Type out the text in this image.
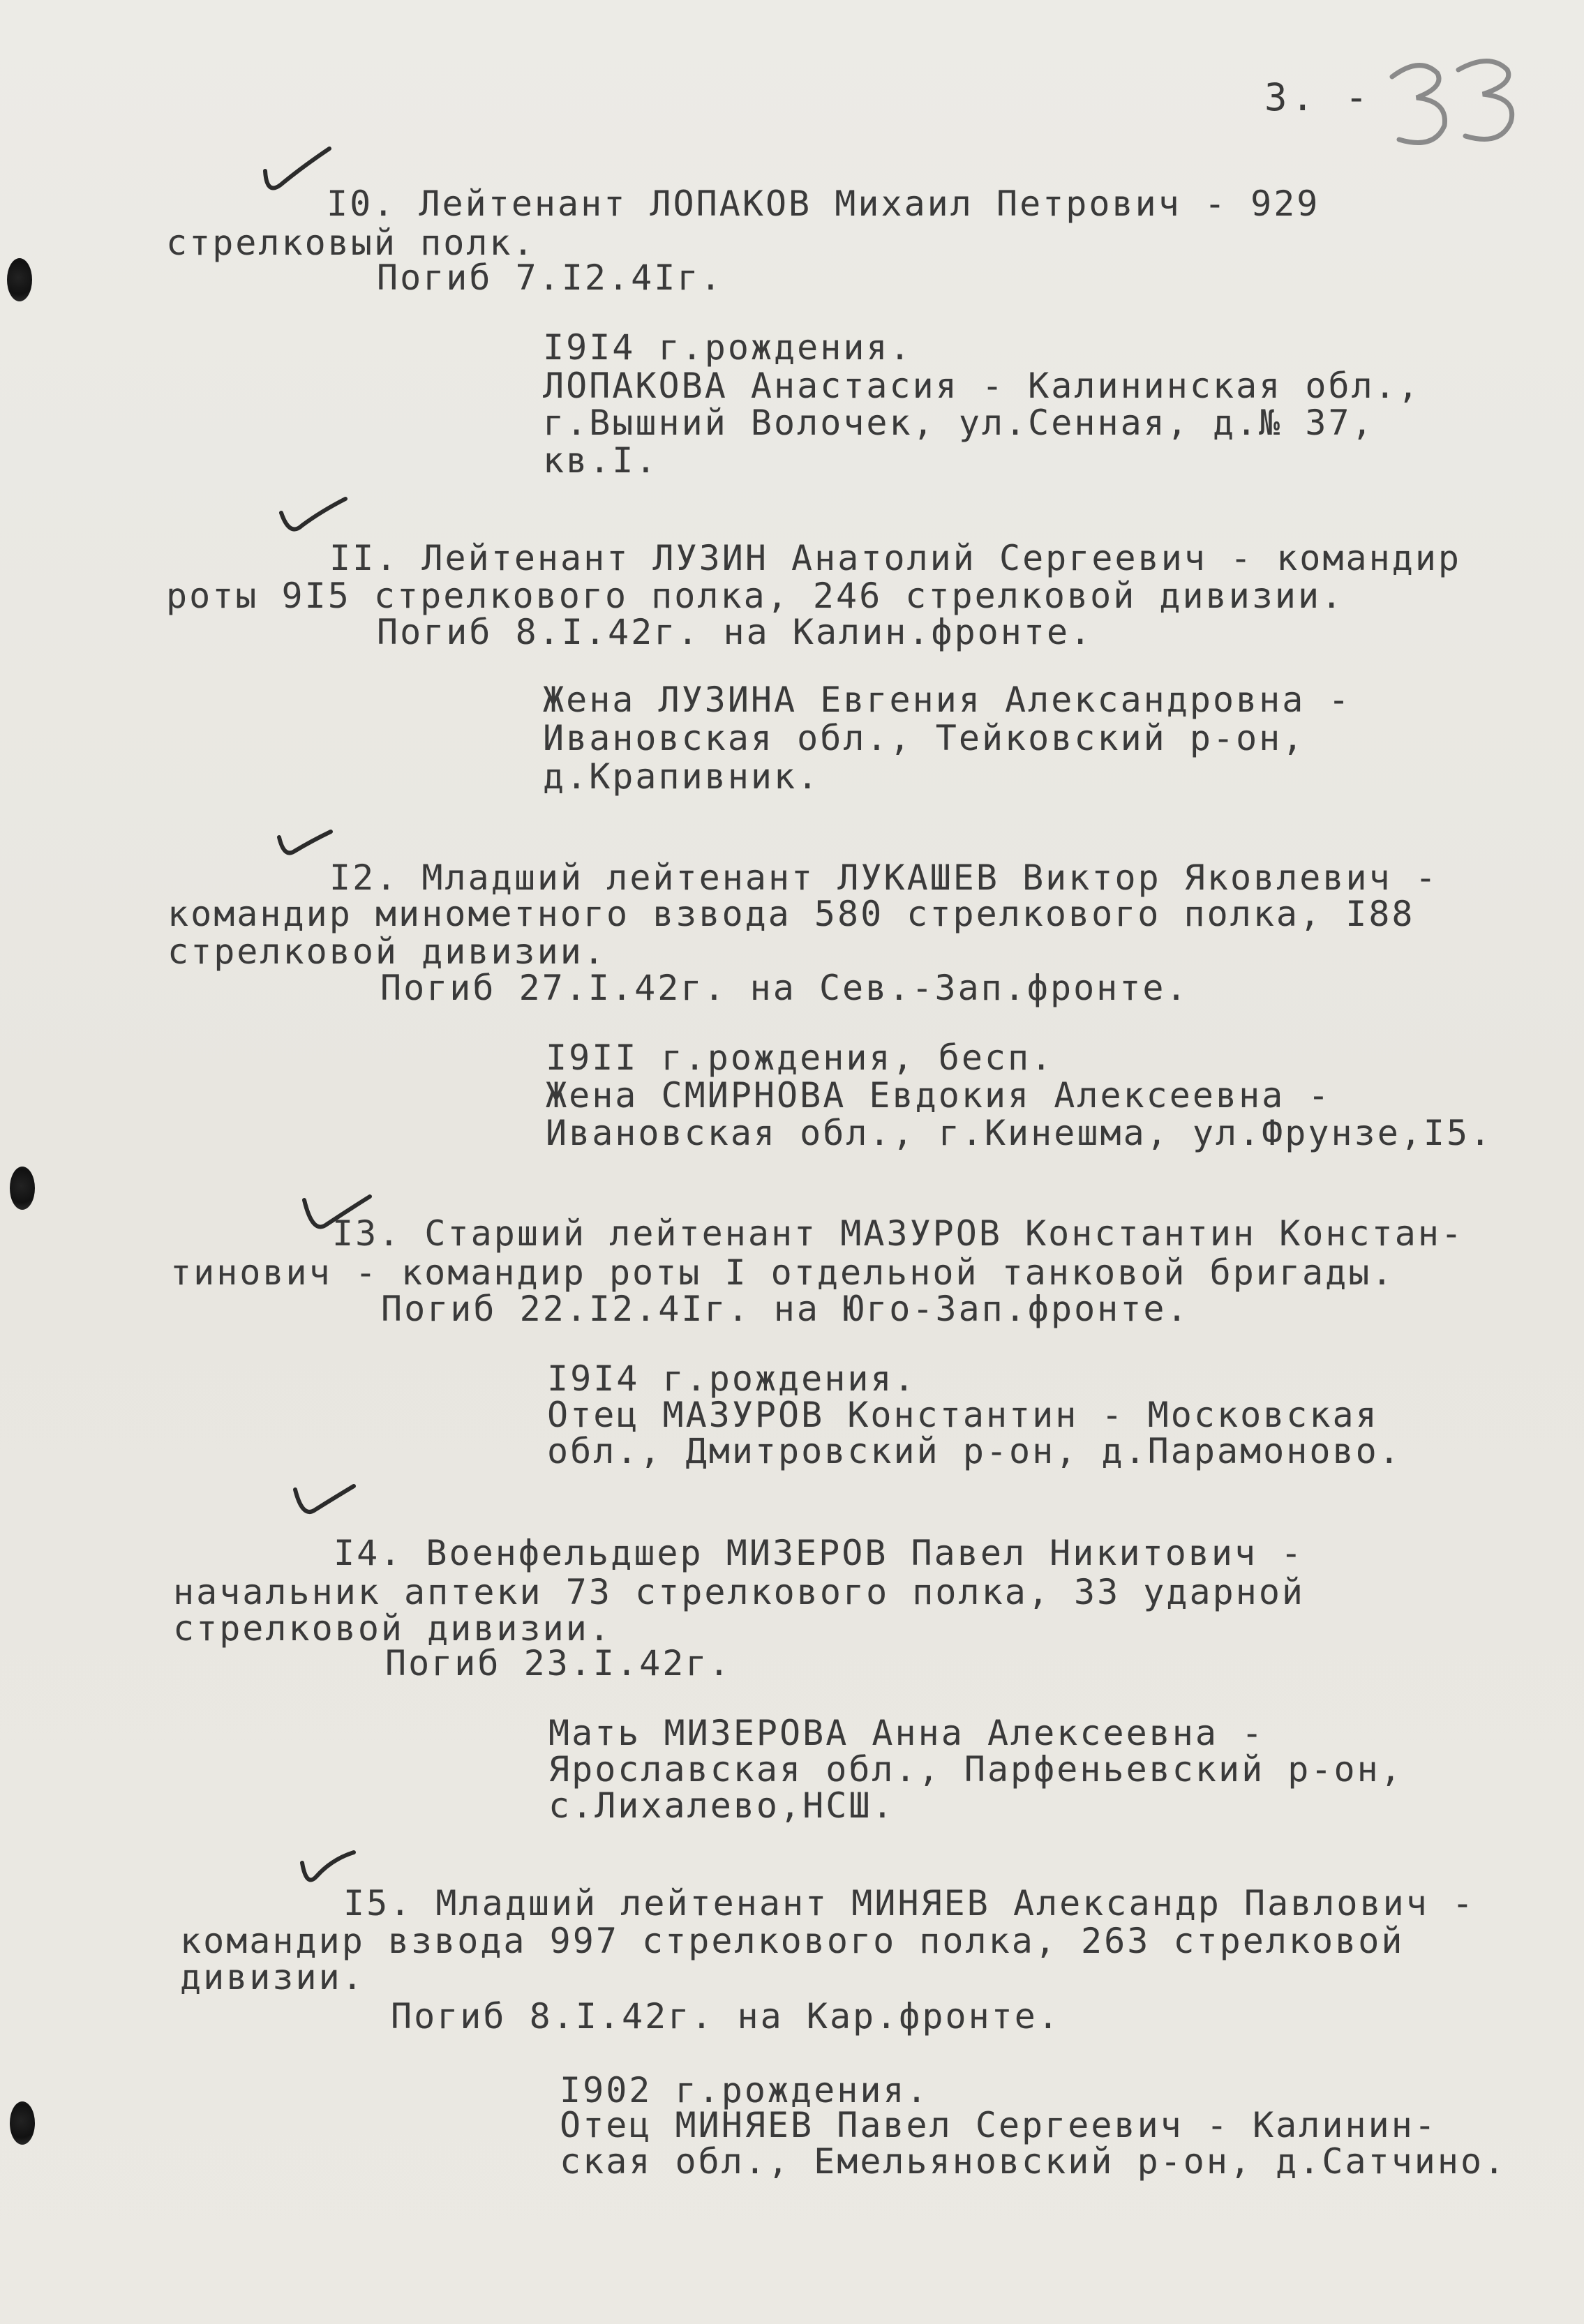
3. -
I0. Лейтенант ЛОПАКОВ Михаил Петрович - 929
стрелковый полк.
Погиб 7.I2.4Iг.
I9I4 г.рождения.
ЛОПАКОВА Анастасия - Калининская обл.,
г.Вышний Волочек, ул.Сенная, д.№ 37,
кв.I.
II. Лейтенант ЛУЗИН Анатолий Сергеевич - командир
роты 9I5 стрелкового полка, 246 стрелковой дивизии.
Погиб 8.I.42г. на Калин.фронте.
Жена ЛУЗИНА Евгения Александровна -
Ивановская обл., Тейковский р-он,
д.Крапивник.
I2. Младший лейтенант ЛУКАШЕВ Виктор Яковлевич -
командир минометного взвода 580 стрелкового полка, I88
стрелковой дивизии.
Погиб 27.I.42г. на Сев.-Зап.фронте.
I9II г.рождения, бесп.
Жена СМИРНОВА Евдокия Алексеевна -
Ивановская обл., г.Кинешма, ул.Фрунзе,I5.
I3. Старший лейтенант МАЗУРОВ Константин Констан-
тинович - командир роты I отдельной танковой бригады.
Погиб 22.I2.4Iг. на Юго-Зап.фронте.
I9I4 г.рождения.
Отец МАЗУРОВ Константин - Московская
обл., Дмитровский р-он, д.Парамоново.
I4. Военфельдшер МИЗЕРОВ Павел Никитович -
начальник аптеки 73 стрелкового полка, 33 ударной
стрелковой дивизии.
Погиб 23.I.42г.
Мать МИЗЕРОВА Анна Алексеевна -
Ярославская обл., Парфеньевский р-он,
с.Лихалево,НСШ.
I5. Младший лейтенант МИНЯЕВ Александр Павлович -
командир взвода 997 стрелкового полка, 263 стрелковой
дивизии.
Погиб 8.I.42г. на Кар.фронте.
I902 г.рождения.
Отец МИНЯЕВ Павел Сергеевич - Калинин-
ская обл., Емельяновский р-он, д.Сатчино.
